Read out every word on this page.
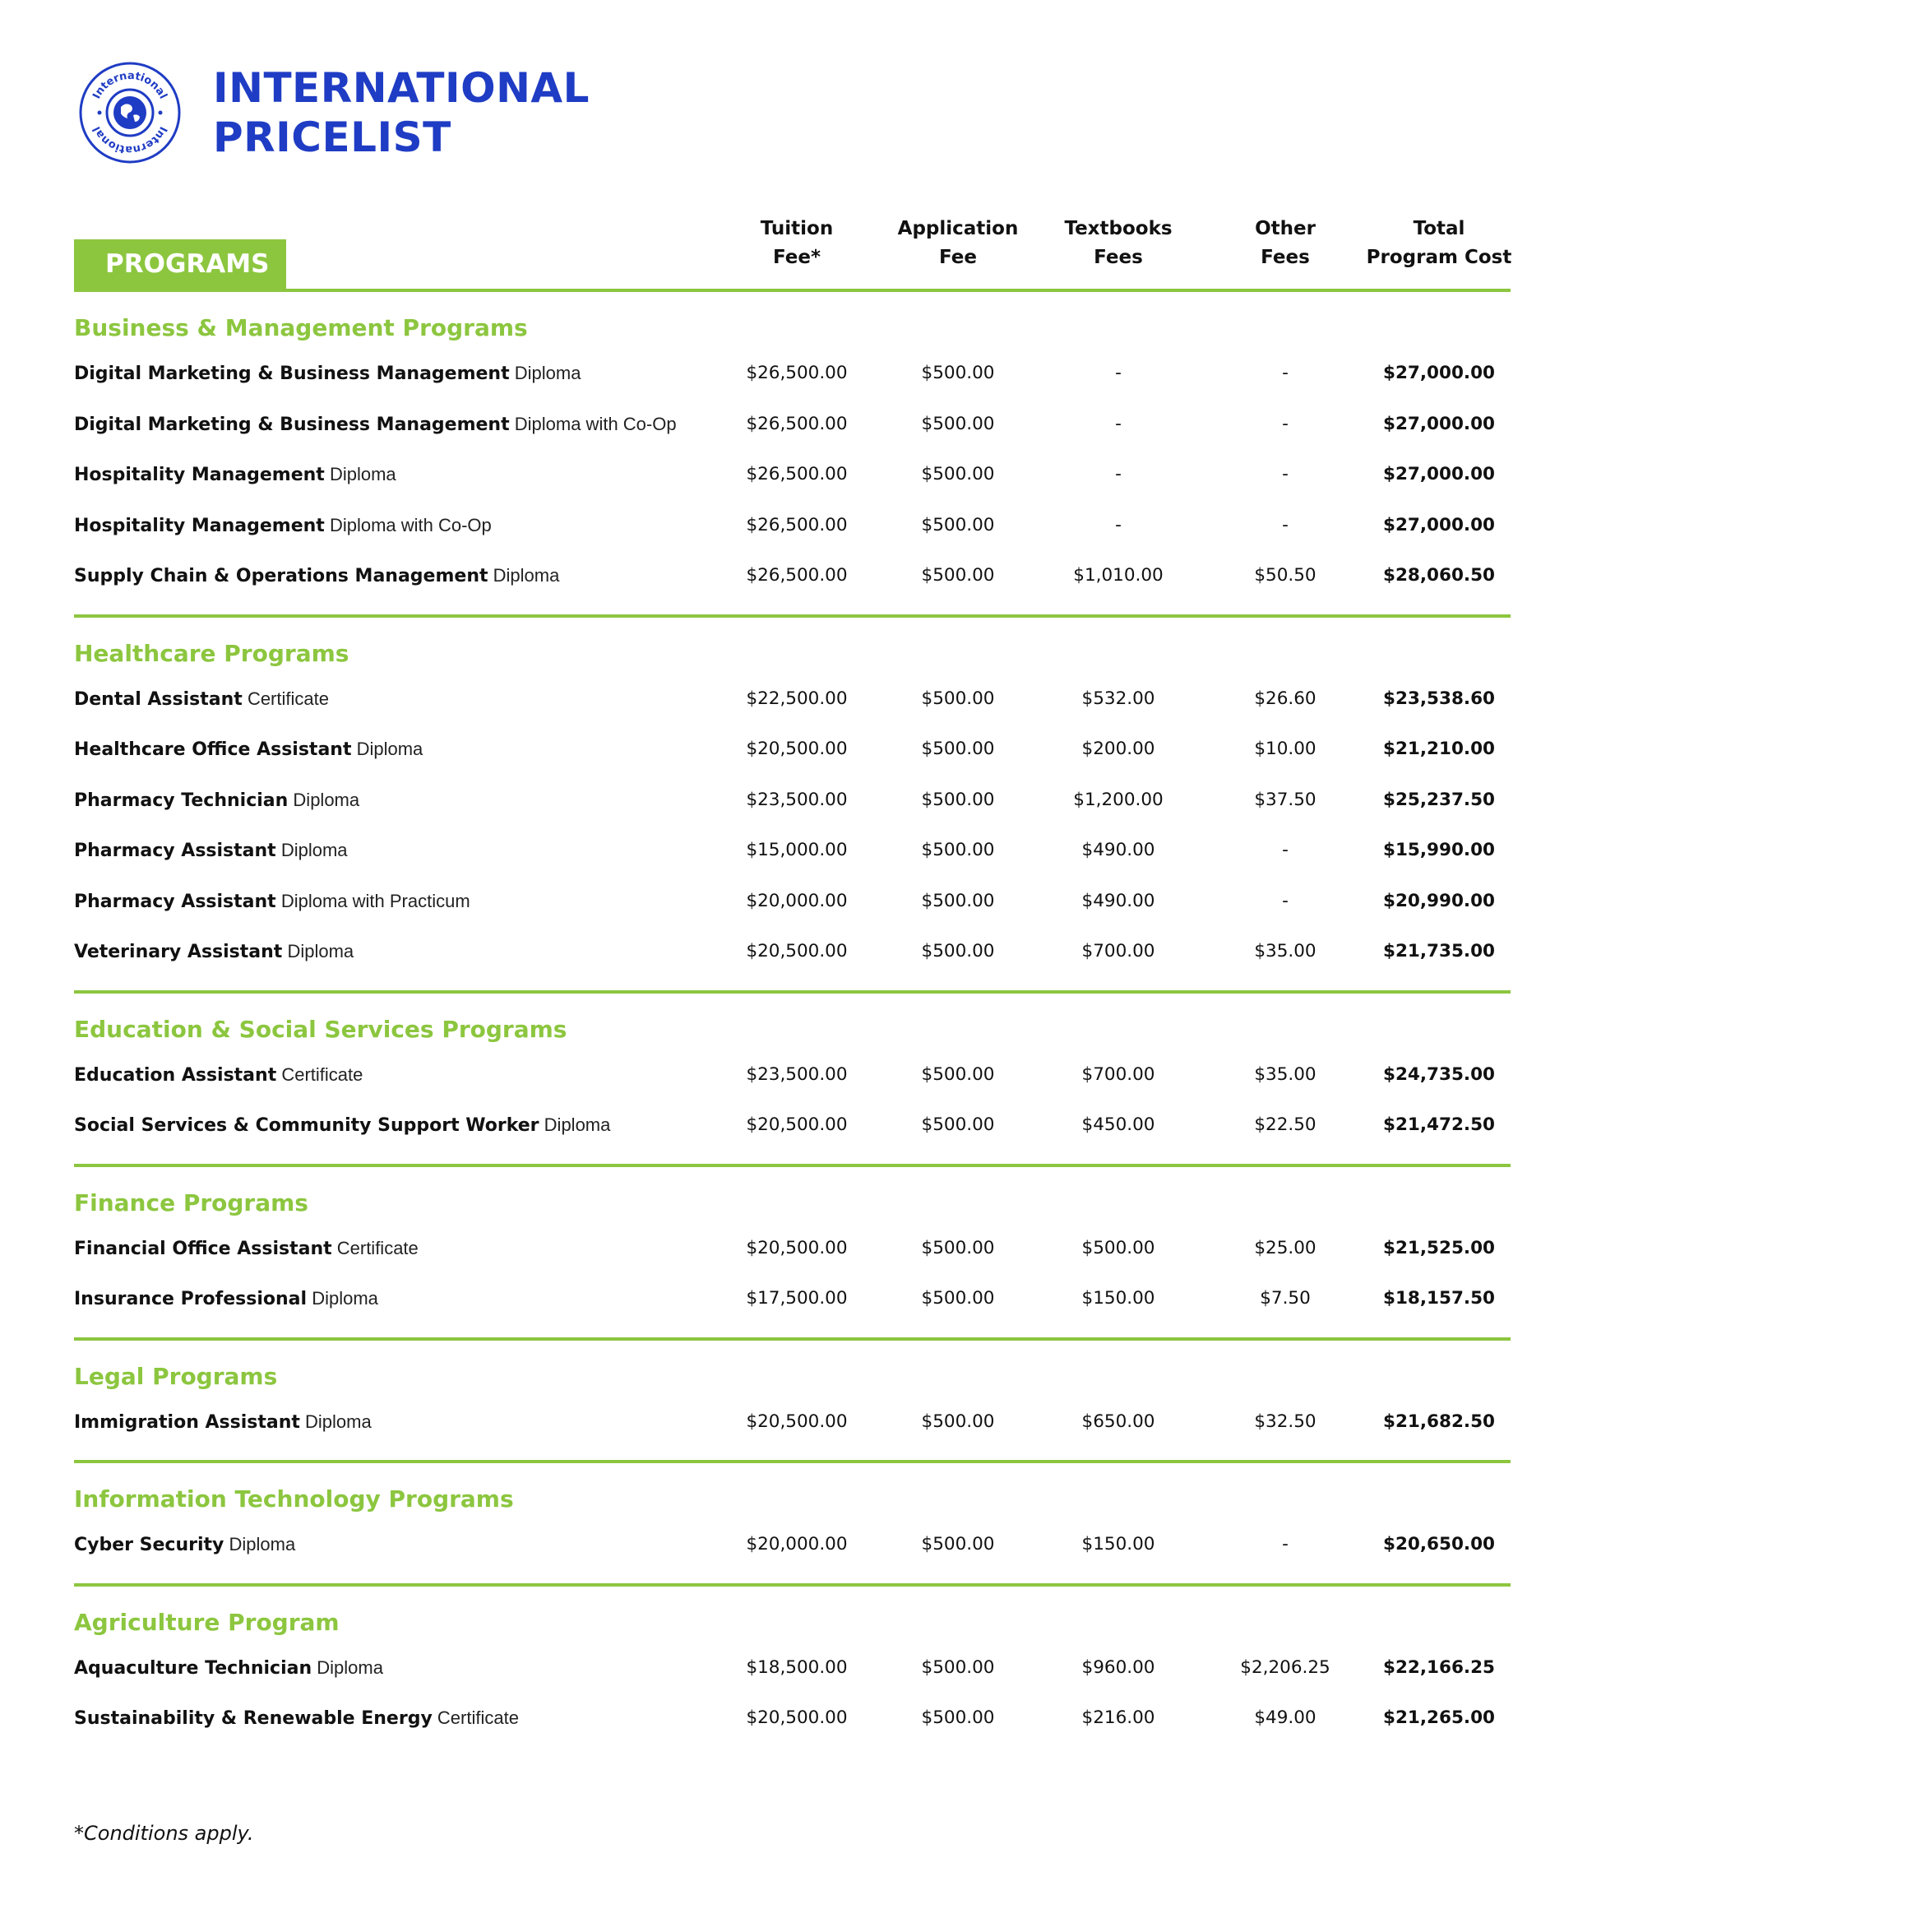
International
International
INTERNATIONAL
PRICELIST
PROGRAMS
Tuition
Fee*
Application
Fee
Textbooks
Fees
Other
Fees
Total
Program Cost
Business & Management Programs
Digital Marketing & Business Management Diploma	$26,500.00	$500.00	-	-	$27,000.00
Digital Marketing & Business Management Diploma with Co-Op	$26,500.00	$500.00	-	-	$27,000.00
Hospitality Management Diploma	$26,500.00	$500.00	-	-	$27,000.00
Hospitality Management Diploma with Co-Op	$26,500.00	$500.00	-	-	$27,000.00
Supply Chain & Operations Management Diploma	$26,500.00	$500.00	$1,010.00	$50.50	$28,060.50
Healthcare Programs
Dental Assistant Certificate	$22,500.00	$500.00	$532.00	$26.60	$23,538.60
Healthcare Office Assistant Diploma	$20,500.00	$500.00	$200.00	$10.00	$21,210.00
Pharmacy Technician Diploma	$23,500.00	$500.00	$1,200.00	$37.50	$25,237.50
Pharmacy Assistant Diploma	$15,000.00	$500.00	$490.00	-	$15,990.00
Pharmacy Assistant Diploma with Practicum	$20,000.00	$500.00	$490.00	-	$20,990.00
Veterinary Assistant Diploma	$20,500.00	$500.00	$700.00	$35.00	$21,735.00
Education & Social Services Programs
Education Assistant Certificate	$23,500.00	$500.00	$700.00	$35.00	$24,735.00
Social Services & Community Support Worker Diploma	$20,500.00	$500.00	$450.00	$22.50	$21,472.50
Finance Programs
Financial Office Assistant Certificate	$20,500.00	$500.00	$500.00	$25.00	$21,525.00
Insurance Professional Diploma	$17,500.00	$500.00	$150.00	$7.50	$18,157.50
Legal Programs
Immigration Assistant Diploma	$20,500.00	$500.00	$650.00	$32.50	$21,682.50
Information Technology Programs
Cyber Security Diploma	$20,000.00	$500.00	$150.00	-	$20,650.00
Agriculture Program
Aquaculture Technician Diploma	$18,500.00	$500.00	$960.00	$2,206.25	$22,166.25
Sustainability & Renewable Energy Certificate	$20,500.00	$500.00	$216.00	$49.00	$21,265.00
*Conditions apply.
